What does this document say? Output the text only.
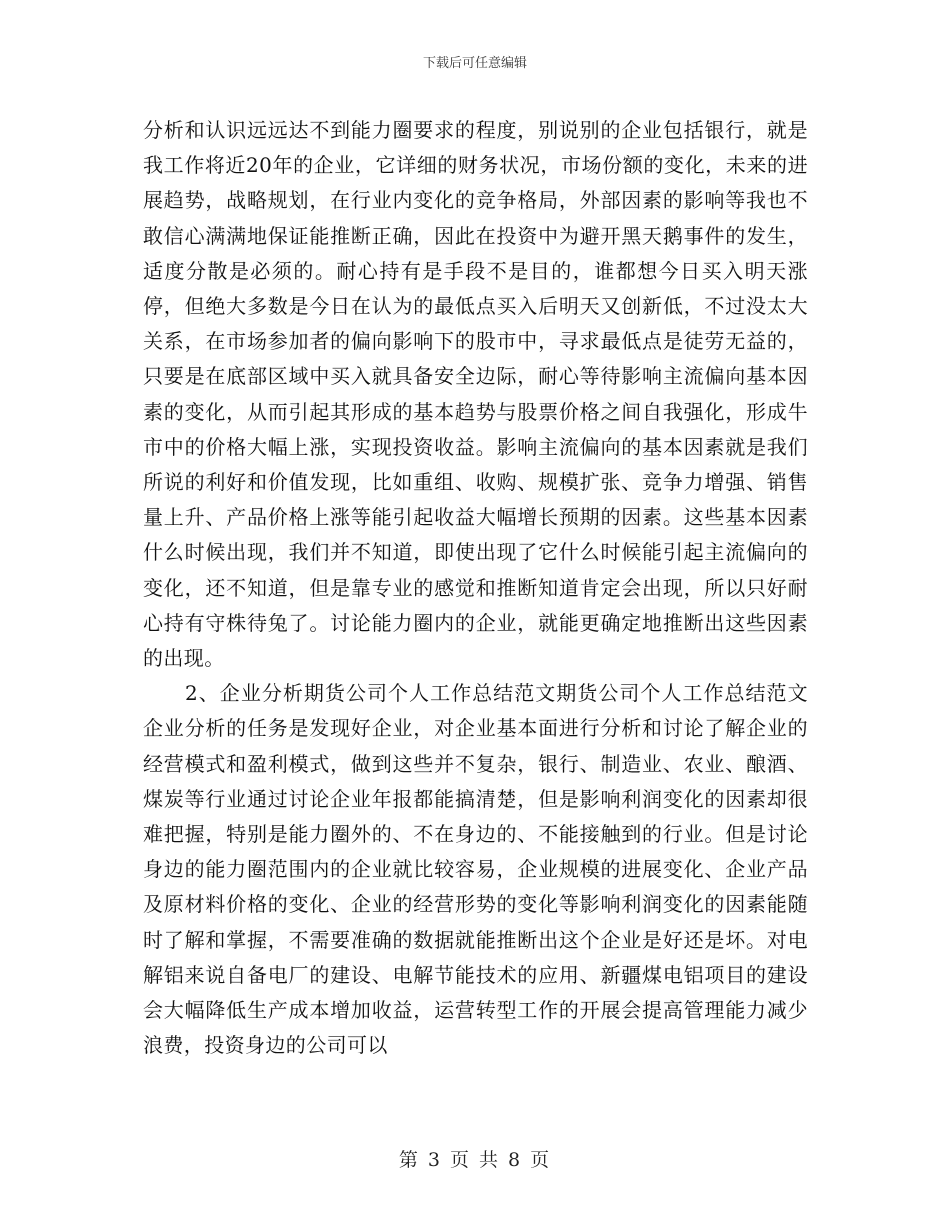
下载后可任意编辑

分析和认识远远达不到能力圈要求的程度，别说别的企业包括银行，就是我工作将近20年的企业，它详细的财务状况，市场份额的变化，未来的进展趋势，战略规划，在行业内变化的竞争格局，外部因素的影响等我也不敢信心满满地保证能推断正确，因此在投资中为避开黑天鹅事件的发生，适度分散是必须的。耐心持有是手段不是目的，谁都想今日买入明天涨停，但绝大多数是今日在认为的最低点买入后明天又创新低，不过没太大关系，在市场参加者的偏向影响下的股市中，寻求最低点是徒劳无益的，只要是在底部区域中买入就具备安全边际，耐心等待影响主流偏向基本因素的变化，从而引起其形成的基本趋势与股票价格之间自我强化，形成牛市中的价格大幅上涨，实现投资收益。影响主流偏向的基本因素就是我们所说的利好和价值发现，比如重组、收购、规模扩张、竞争力增强、销售量上升、产品价格上涨等能引起收益大幅增长预期的因素。这些基本因素什么时候出现，我们并不知道，即使出现了它什么时候能引起主流偏向的变化，还不知道，但是靠专业的感觉和推断知道肯定会出现，所以只好耐心持有守株待兔了。讨论能力圈内的企业，就能更确定地推断出这些因素的出现。

2、企业分析期货公司个人工作总结范文期货公司个人工作总结范文企业分析的任务是发现好企业，对企业基本面进行分析和讨论了解企业的经营模式和盈利模式，做到这些并不复杂，银行、制造业、农业、酿酒、煤炭等行业通过讨论企业年报都能搞清楚，但是影响利润变化的因素却很难把握，特别是能力圈外的、不在身边的、不能接触到的行业。但是讨论身边的能力圈范围内的企业就比较容易，企业规模的进展变化、企业产品及原材料价格的变化、企业的经营形势的变化等影响利润变化的因素能随时了解和掌握，不需要准确的数据就能推断出这个企业是好还是坏。对电解铝来说自备电厂的建设、电解节能技术的应用、新疆煤电铝项目的建设会大幅降低生产成本增加收益，运营转型工作的开展会提高管理能力减少浪费，投资身边的公司可以

第 3 页 共 8 页
